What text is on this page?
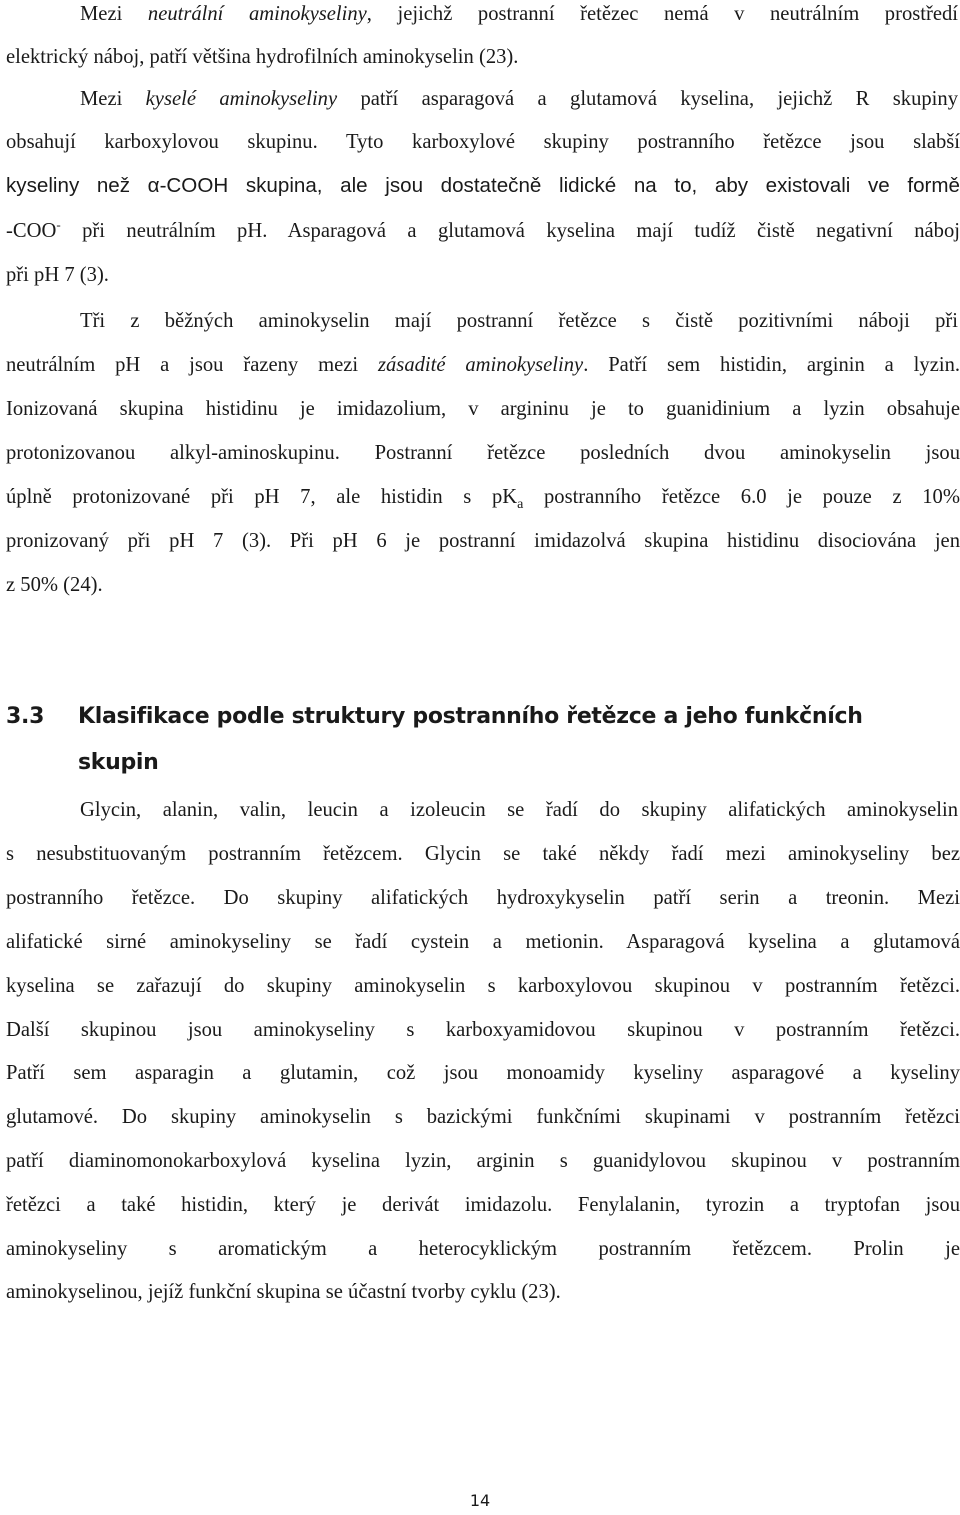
Mezi neutrální aminokyseliny, jejichž postranní řetězec nemá v neutrálním prostředí
elektrický náboj, patří většina hydrofilních aminokyselin (23).
Mezi kyselé aminokyseliny patří asparagová a glutamová kyselina, jejichž R skupiny
obsahují karboxylovou skupinu. Tyto karboxylové skupiny postranního řetězce jsou slabší
kyseliny než α-COOH skupina, ale jsou dostatečně lidické na to, aby existovali ve formě
-COO- při neutrálním pH. Asparagová a glutamová kyselina mají tudíž čistě negativní náboj
při pH 7 (3).
Tři z běžných aminokyselin mají postranní řetězce s čistě pozitivními náboji při
neutrálním pH a jsou řazeny mezi zásadité aminokyseliny. Patří sem histidin, arginin a lyzin.
Ionizovaná skupina histidinu je imidazolium, v argininu je to guanidinium a lyzin obsahuje
protonizovanou alkyl-aminoskupinu. Postranní řetězce posledních dvou aminokyselin jsou
úplně protonizované při pH 7, ale histidin s $pK_a$ postranního řetězce 6.0 je pouze z 10%
pronizovaný při pH 7 (3). Při pH 6 je postranní imidazolvá skupina histidinu disociována jen
z 50% (24).
3.3 Klasifikace podle struktury postranního řetězce a jeho funkčních
skupin
Glycin, alanin, valin, leucin a izoleucin se řadí do skupiny alifatických aminokyselin
s nesubstituovaným postranním řetězcem. Glycin se také někdy řadí mezi aminokyseliny bez
postranního řetězce. Do skupiny alifatických hydroxykyselin patří serin a treonin. Mezi
alifatické sirné aminokyseliny se řadí cystein a metionin. Asparagová kyselina a glutamová
kyselina se zařazují do skupiny aminokyselin s karboxylovou skupinou v postranním řetězci.
Další skupinou jsou aminokyseliny s karboxyamidovou skupinou v postranním řetězci.
Patří sem asparagin a glutamin, což jsou monoamidy kyseliny asparagové a kyseliny
glutamové. Do skupiny aminokyselin s bazickými funkčními skupinami v postranním řetězci
patří diaminomonokarboxylová kyselina lyzin, arginin s guanidylovou skupinou v postranním
řetězci a také histidin, který je derivát imidazolu. Fenylalanin, tyrozin a tryptofan jsou
aminokyseliny s aromatickým a heterocyklickým postranním řetězcem. Prolin je
aminokyselinou, jejíž funkční skupina se účastní tvorby cyklu (23).
14
